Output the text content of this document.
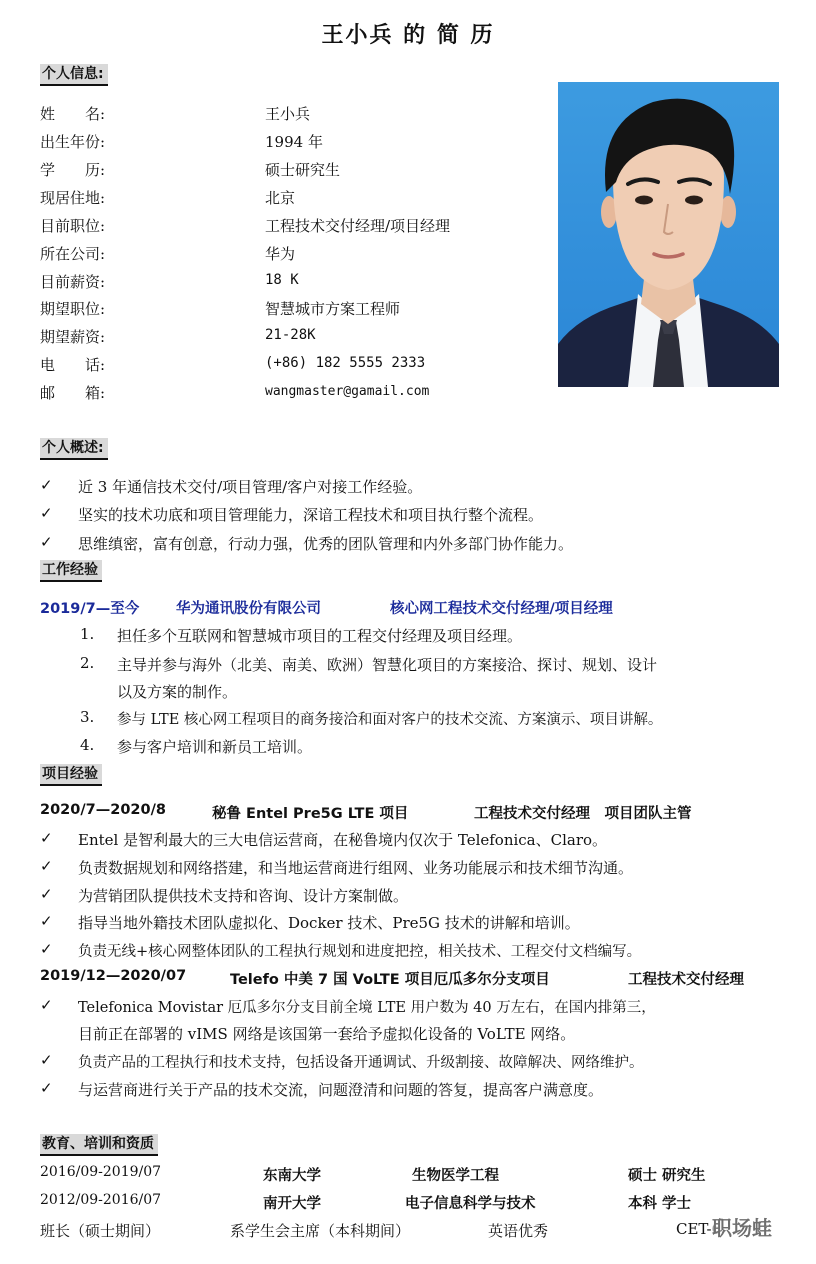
王小兵 的 简 历
个人信息:
姓　　名:	王小兵
出生年份:	1994 年
学　　历:	硕士研究生
现居住地:	北京
目前职位:	工程技术交付经理/项目经理
所在公司:	华为
目前薪资:	18 K
期望职位:	智慧城市方案工程师
期望薪资:	21-28K
电　　话:	(+86) 182 5555 2333
邮　　箱:	wangmaster@gamail.com
个人概述:
✓ 近 3 年通信技术交付/项目管理/客户对接工作经验。
✓ 坚实的技术功底和项目管理能力，深谙工程技术和项目执行整个流程。
✓ 思维缜密，富有创意，行动力强，优秀的团队管理和内外多部门协作能力。
工作经验
2019/7—至今	华为通讯股份有限公司	核心网工程技术交付经理/项目经理
1. 担任多个互联网和智慧城市项目的工程交付经理及项目经理。
2. 主导并参与海外（北美、南美、欧洲）智慧化项目的方案接洽、探讨、规划、设计
以及方案的制作。
3. 参与 LTE 核心网工程项目的商务接洽和面对客户的技术交流、方案演示、项目讲解。
4. 参与客户培训和新员工培训。
项目经验
2020/7—2020/8	秘鲁 Entel Pre5G LTE 项目	工程技术交付经理　项目团队主管
✓ Entel 是智利最大的三大电信运营商，在秘鲁境内仅次于 Telefonica、Claro。
✓ 负责数据规划和网络搭建，和当地运营商进行组网、业务功能展示和技术细节沟通。
✓ 为营销团队提供技术支持和咨询、设计方案制做。
✓ 指导当地外籍技术团队虚拟化、Docker 技术、Pre5G 技术的讲解和培训。
✓ 负责无线+核心网整体团队的工程执行规划和进度把控，相关技术、工程交付文档编写。
2019/12—2020/07	Telefo 中美 7 国 VoLTE 项目厄瓜多尔分支项目	工程技术交付经理
✓ Telefonica Movistar 厄瓜多尔分支目前全境 LTE 用户数为 40 万左右，在国内排第三，
目前正在部署的 vIMS 网络是该国第一套给予虚拟化设备的 VoLTE 网络。
✓ 负责产品的工程执行和技术支持，包括设备开通调试、升级割接、故障解决、网络维护。
✓ 与运营商进行关于产品的技术交流，问题澄清和问题的答复，提高客户满意度。
教育、培训和资质
2016/09-2019/07	东南大学	生物医学工程	硕士 研究生
2012/09-2016/07	南开大学	电子信息科学与技术	本科 学士
班长（硕士期间）	系学生会主席（本科期间）	英语优秀	CET-6
职场蛙
